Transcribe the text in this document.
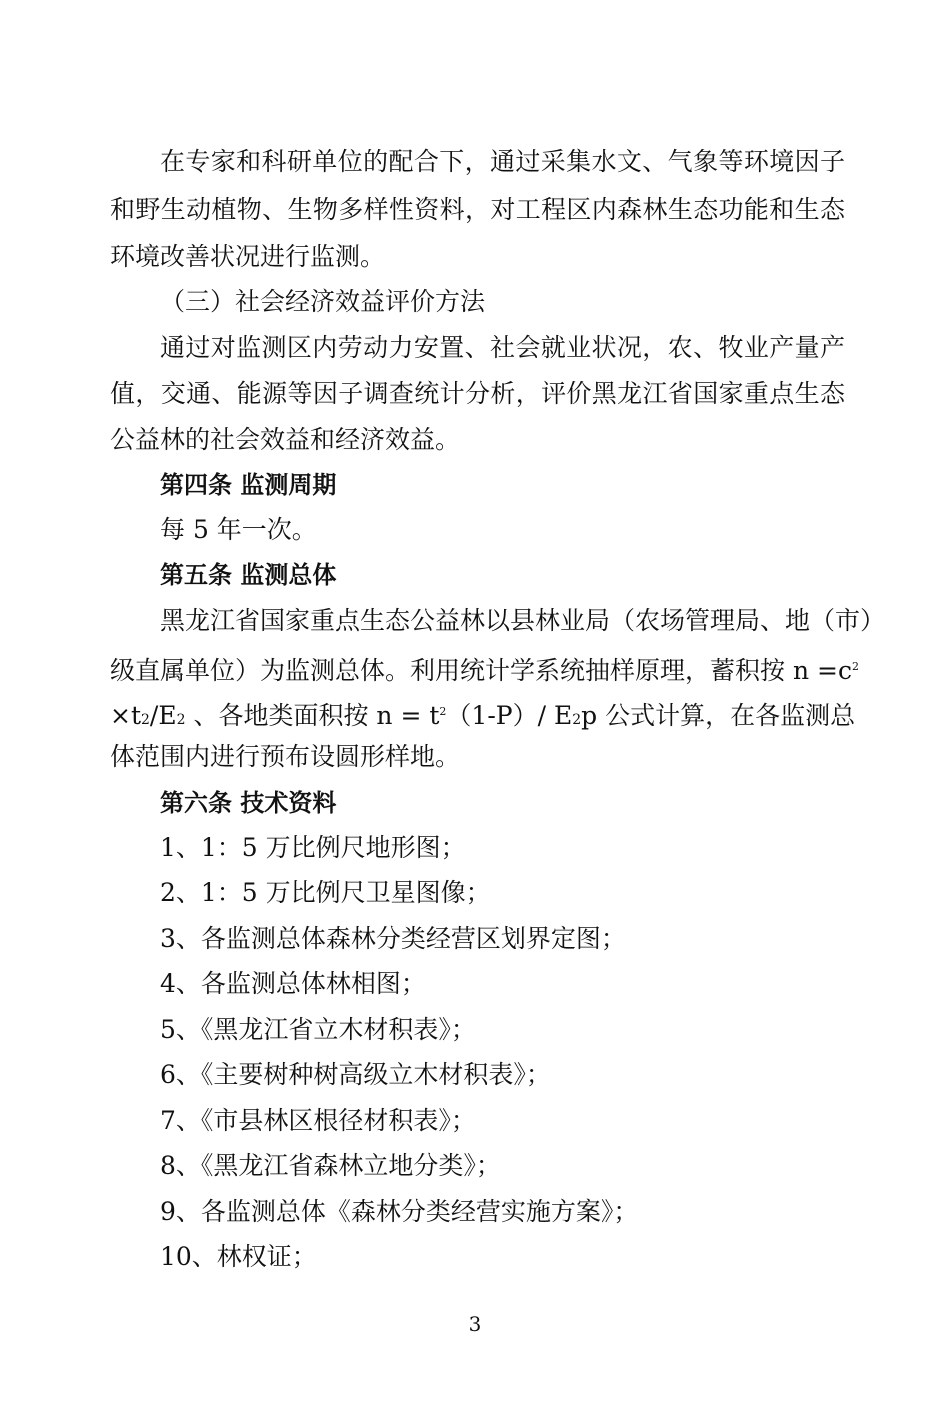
在专家和科研单位的配合下，通过采集水文、气象等环境因子
和野生动植物、生物多样性资料，对工程区内森林生态功能和生态
环境改善状况进行监测。
（三）社会经济效益评价方法
通过对监测区内劳动力安置、社会就业状况，农、牧业产量产
值，交通、能源等因子调查统计分析，评价黑龙江省国家重点生态
公益林的社会效益和经济效益。
第四条 监测周期
每 5 年一次。
第五条 监测总体
黑龙江省国家重点生态公益林以县林业局（农场管理局、地（市）
级直属单位）为监测总体。利用统计学系统抽样原理，蓄积按 $n =c^2$
×t2/E2 、各地类面积按 $n = t^2(1-P)/$ E2p 公式计算，在各监测总
体范围内进行预布设圆形样地。
第六条 技术资料
1、1：5 万比例尺地形图；
2、1：5 万比例尺卫星图像；
3、各监测总体森林分类经营区划界定图；
4、各监测总体林相图；
5、《黑龙江省立木材积表》；
6、《主要树种树高级立木材积表》；
7、《市县林区根径材积表》；
8、《黑龙江省森林立地分类》；
9、各监测总体《森林分类经营实施方案》；
10、林权证；
3
